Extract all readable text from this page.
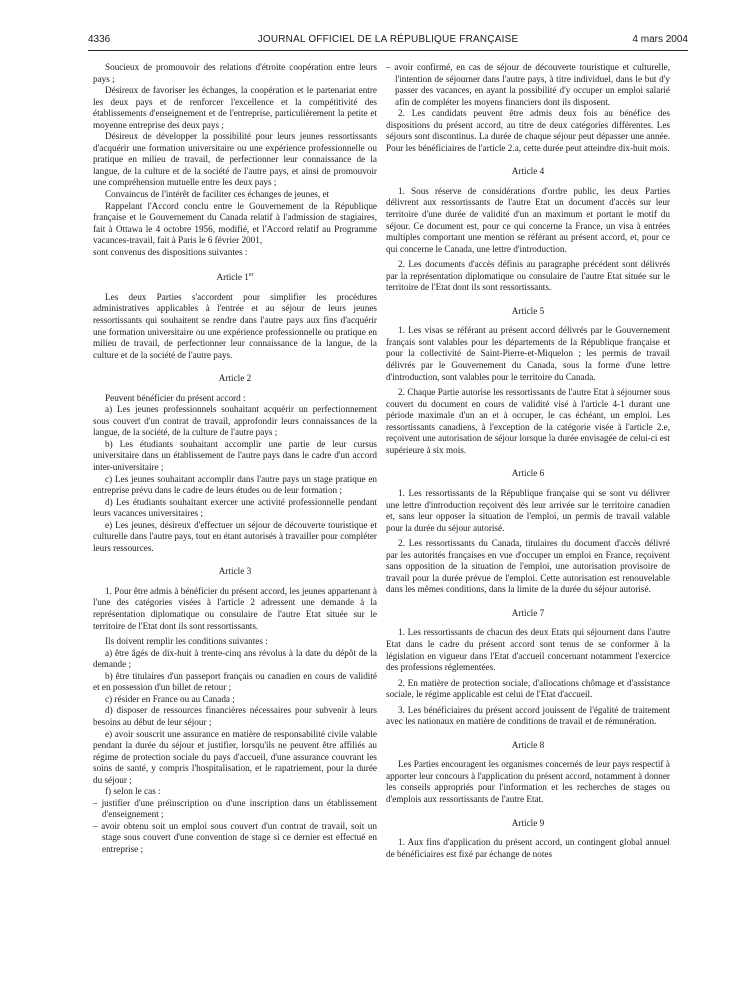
4336	JOURNAL OFFICIEL DE LA RÉPUBLIQUE FRANÇAISE	4 mars 2004

Soucieux de promouvoir des relations d'étroite coopération entre leurs pays ;

Désireux de favoriser les échanges, la coopération et le partenariat entre les deux pays et de renforcer l'excellence et la compétitivité des établissements d'enseignement et de l'entreprise, particulièrement la petite et moyenne entreprise des deux pays ;

Désireux de développer la possibilité pour leurs jeunes ressortissants d'acquérir une formation universitaire ou une expérience professionnelle ou pratique en milieu de travail, de perfectionner leur connaissance de la langue, de la culture et de la société de l'autre pays, et ainsi de promouvoir une compréhension mutuelle entre les deux pays ;

Convaincus de l'intérêt de faciliter ces échanges de jeunes, et

Rappelant l'Accord conclu entre le Gouvernement de la République française et le Gouvernement du Canada relatif à l'admission de stagiaires, fait à Ottawa le 4 octobre 1956, modifié, et l'Accord relatif au Programme vacances-travail, fait à Paris le 6 février 2001,

sont convenus des dispositions suivantes :

Article 1er

Les deux Parties s'accordent pour simplifier les procédures administratives applicables à l'entrée et au séjour de leurs jeunes ressortissants qui souhaitent se rendre dans l'autre pays aux fins d'acquérir une formation universitaire ou une expérience professionnelle ou pratique en milieu de travail, de perfectionner leur connaissance de la langue, de la culture et de la société de l'autre pays.

Article 2

Peuvent bénéficier du présent accord :

a) Les jeunes professionnels souhaitant acquérir un perfectionnement sous couvert d'un contrat de travail, approfondir leurs connaissances de la langue, de la société, de la culture de l'autre pays ;

b) Les étudiants souhaitant accomplir une partie de leur cursus universitaire dans un établissement de l'autre pays dans le cadre d'un accord inter-universitaire ;

c) Les jeunes souhaitant accomplir dans l'autre pays un stage pratique en entreprise prévu dans le cadre de leurs études ou de leur formation ;

d) Les étudiants souhaitant exercer une activité professionnelle pendant leurs vacances universitaires ;

e) Les jeunes, désireux d'effectuer un séjour de découverte touristique et culturelle dans l'autre pays, tout en étant autorisés à travailler pour compléter leurs ressources.

Article 3

1. Pour être admis à bénéficier du présent accord, les jeunes appartenant à l'une des catégories visées à l'article 2 adressent une demande à la représentation diplomatique ou consulaire de l'autre Etat située sur le territoire de l'Etat dont ils sont ressortissants.

Ils doivent remplir les conditions suivantes :

a) être âgés de dix-huit à trente-cinq ans révolus à la date du dépôt de la demande ;

b) être titulaires d'un passeport français ou canadien en cours de validité et en possession d'un billet de retour ;

c) résider en France ou au Canada ;

d) disposer de ressources financières nécessaires pour subvenir à leurs besoins au début de leur séjour ;

e) avoir souscrit une assurance en matière de responsabilité civile valable pendant la durée du séjour et justifier, lorsqu'ils ne peuvent être affiliés au régime de protection sociale du pays d'accueil, d'une assurance couvrant les soins de santé, y compris l'hospitalisation, et le rapatriement, pour la durée du séjour ;

f) selon le cas :

– justifier d'une préinscription ou d'une inscription dans un établissement d'enseignement ;

– avoir obtenu soit un emploi sous couvert d'un contrat de travail, soit un stage sous couvert d'une convention de stage si ce dernier est effectué en entreprise ;

– avoir confirmé, en cas de séjour de découverte touristique et culturelle, l'intention de séjourner dans l'autre pays, à titre individuel, dans le but d'y passer des vacances, en ayant la possibilité d'y occuper un emploi salarié afin de compléter les moyens financiers dont ils disposent.

2. Les candidats peuvent être admis deux fois au bénéfice des dispositions du présent accord, au titre de deux catégories différentes. Les séjours sont discontinus. La durée de chaque séjour peut dépasser une année. Pour les bénéficiaires de l'article 2.a, cette durée peut atteindre dix-huit mois.

Article 4

1. Sous réserve de considérations d'ordre public, les deux Parties délivrent aux ressortissants de l'autre Etat un document d'accès sur leur territoire d'une durée de validité d'un an maximum et portant le motif du séjour. Ce document est, pour ce qui concerne la France, un visa à entrées multiples comportant une mention se référant au présent accord, et, pour ce qui concerne le Canada, une lettre d'introduction.

2. Les documents d'accès définis au paragraphe précédent sont délivrés par la représentation diplomatique ou consulaire de l'autre Etat située sur le territoire de l'Etat dont ils sont ressortissants.

Article 5

1. Les visas se référant au présent accord délivrés par le Gouvernement français sont valables pour les départements de la République française et pour la collectivité de Saint-Pierre-et-Miquelon ; les permis de travail délivrés par le Gouvernement du Canada, sous la forme d'une lettre d'introduction, sont valables pour le territoire du Canada.

2. Chaque Partie autorise les ressortissants de l'autre Etat à séjourner sous couvert du document en cours de validité visé à l'article 4-1 durant une période maximale d'un an et à occuper, le cas échéant, un emploi. Les ressortissants canadiens, à l'exception de la catégorie visée à l'article 2.e, reçoivent une autorisation de séjour lorsque la durée envisagée de celui-ci est supérieure à six mois.

Article 6

1. Les ressortissants de la République française qui se sont vu délivrer une lettre d'introduction reçoivent dès leur arrivée sur le territoire canadien et, sans leur opposer la situation de l'emploi, un permis de travail valable pour la durée du séjour autorisé.

2. Les ressortissants du Canada, titulaires du document d'accès délivré par les autorités françaises en vue d'occuper un emploi en France, reçoivent sans opposition de la situation de l'emploi, une autorisation provisoire de travail pour la durée prévue de l'emploi. Cette autorisation est renouvelable dans les mêmes conditions, dans la limite de la durée du séjour autorisé.

Article 7

1. Les ressortissants de chacun des deux Etats qui séjournent dans l'autre Etat dans le cadre du présent accord sont tenus de se conformer à la législation en vigueur dans l'Etat d'accueil concernant notamment l'exercice des professions réglementées.

2. En matière de protection sociale, d'allocations chômage et d'assistance sociale, le régime applicable est celui de l'Etat d'accueil.

3. Les bénéficiaires du présent accord jouissent de l'égalité de traitement avec les nationaux en matière de conditions de travail et de rémunération.

Article 8

Les Parties encouragent les organismes concernés de leur pays respectif à apporter leur concours à l'application du présent accord, notamment à donner les conseils appropriés pour l'information et les recherches de stages ou d'emplois aux ressortissants de l'autre Etat.

Article 9

1. Aux fins d'application du présent accord, un contingent global annuel de bénéficiaires est fixé par échange de notes
